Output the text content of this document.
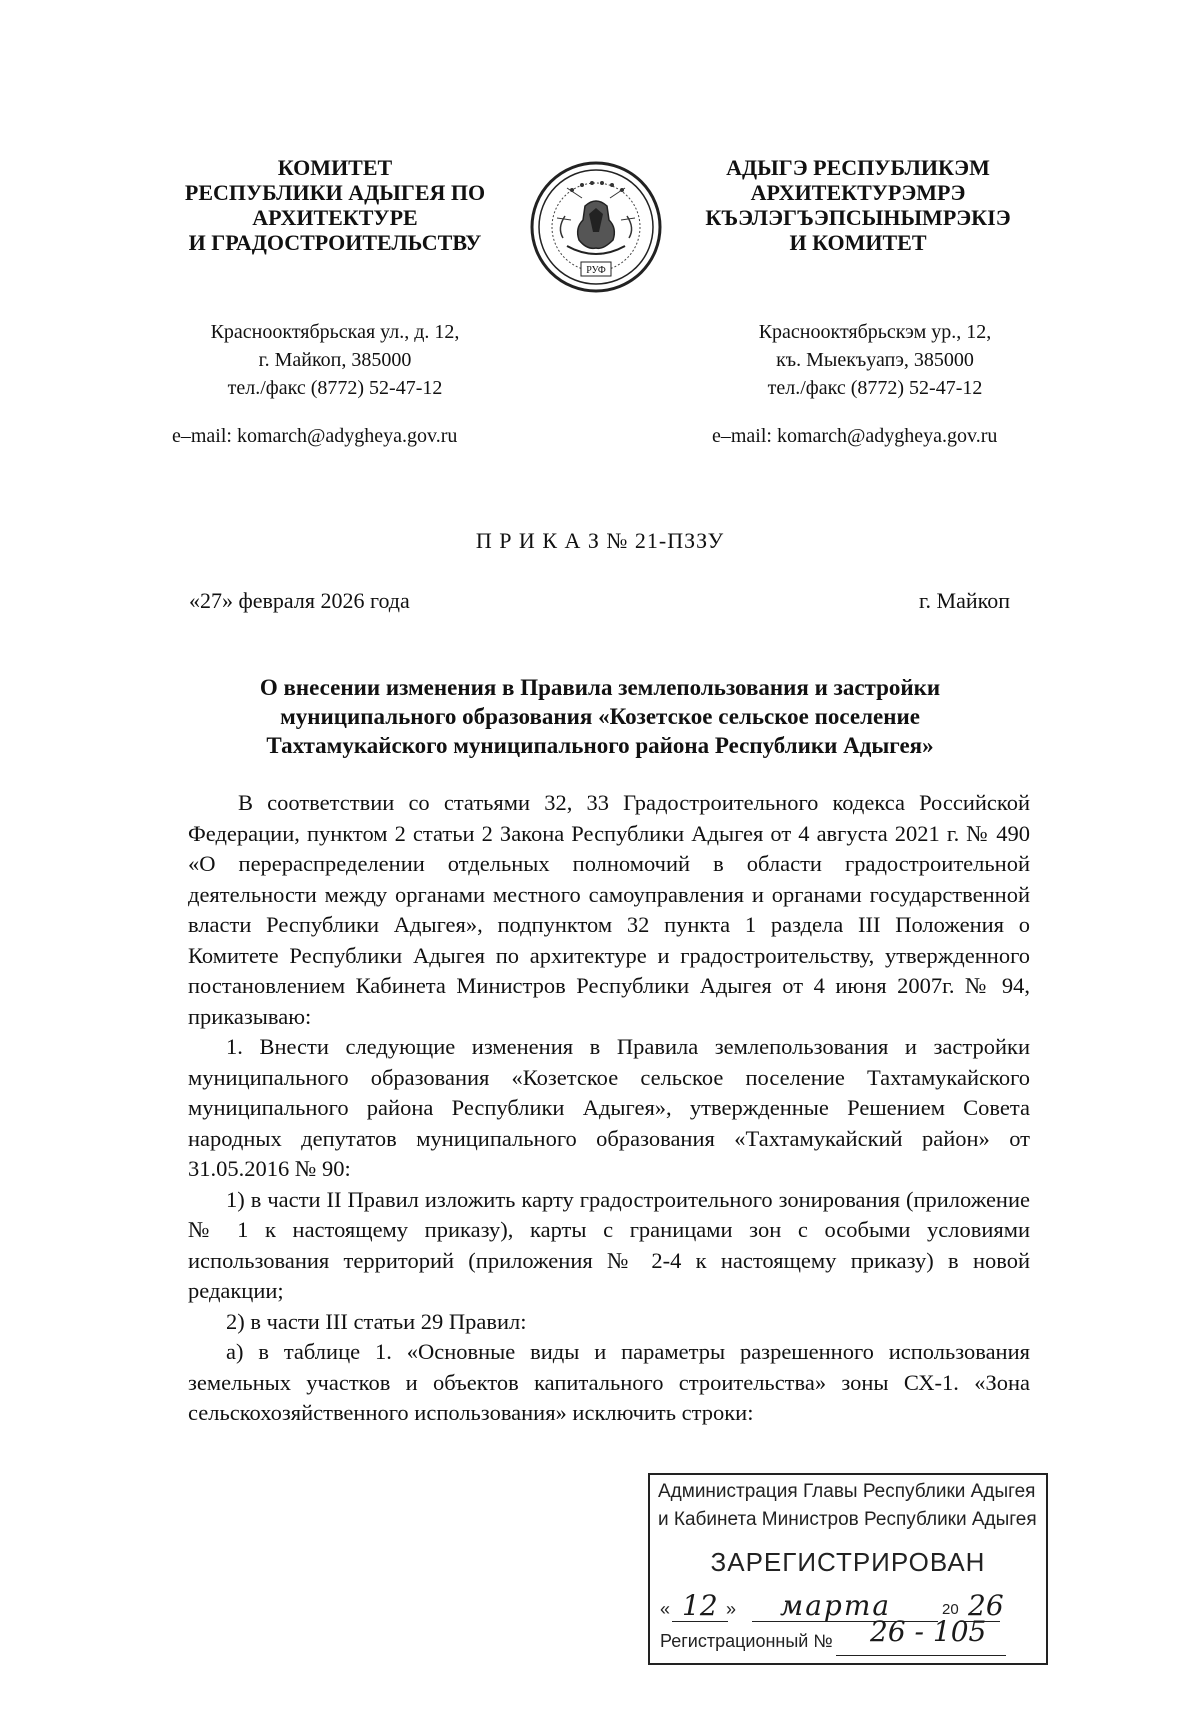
КОМИТЕТ
РЕСПУБЛИКИ АДЫГЕЯ ПО
АРХИТЕКТУРЕ
И ГРАДОСТРОИТЕЛЬСТВУ
РУФ
АДЫГЭ РЕСПУБЛИКЭМ
АРХИТЕКТУРЭМРЭ
КЪЭЛЭГЪЭПСЫНЫМРЭКIЭ
И КОМИТЕТ
Краснооктябрьская ул., д. 12,
г. Майкоп, 385000
тел./факс (8772) 52-47-12
Краснооктябрьскэм ур., 12,
къ. Мыекъуапэ, 385000
тел./факс (8772) 52-47-12
e–mail: komarch@adygheya.gov.ru	e–mail: komarch@adygheya.gov.ru
П Р И К А З № 21-ПЗЗУ
«27» февраля 2026 года	г. Майкоп
О внесении изменения в Правила землепользования и застройки
муниципального образования «Козетское сельское поселение
Тахтамукайского муниципального района Республики Адыгея»

В соответствии со статьями 32, 33 Градостроительного кодекса Российской Федерации, пунктом 2 статьи 2 Закона Республики Адыгея от 4 августа 2021 г. № 490 «О перераспределении отдельных полномочий в области градостроительной деятельности между органами местного самоуправления и органами государственной власти Республики Адыгея», подпунктом 32 пункта 1 раздела III Положения о Комитете Республики Адыгея по архитектуре и градостроительству, утвержденного постановлением Кабинета Министров Республики Адыгея от 4 июня 2007г. № 94, приказываю:

1. Внести следующие изменения в Правила землепользования и застройки муниципального образования «Козетское сельское поселение Тахтамукайского муниципального района Республики Адыгея», утвержденные Решением Совета народных депутатов муниципального образования «Тахтамукайский район» от 31.05.2016 № 90:

1) в части II Правил изложить карту градостроительного зонирования (приложение № 1 к настоящему приказу), карты с границами зон с особыми условиями использования территорий (приложения № 2-4 к настоящему приказу) в новой редакции;

2) в части III статьи 29 Правил:

а) в таблице 1. «Основные виды и параметры разрешенного использования земельных участков и объектов капитального строительства» зоны СХ-1. «Зона сельскохозяйственного использования» исключить строки:

Администрация Главы Республики Адыгея
и Кабинета Министров Республики Адыгея
ЗАРЕГИСТРИРОВАН
« 12 » марта	20 26
Регистрационный № 26 - 105
